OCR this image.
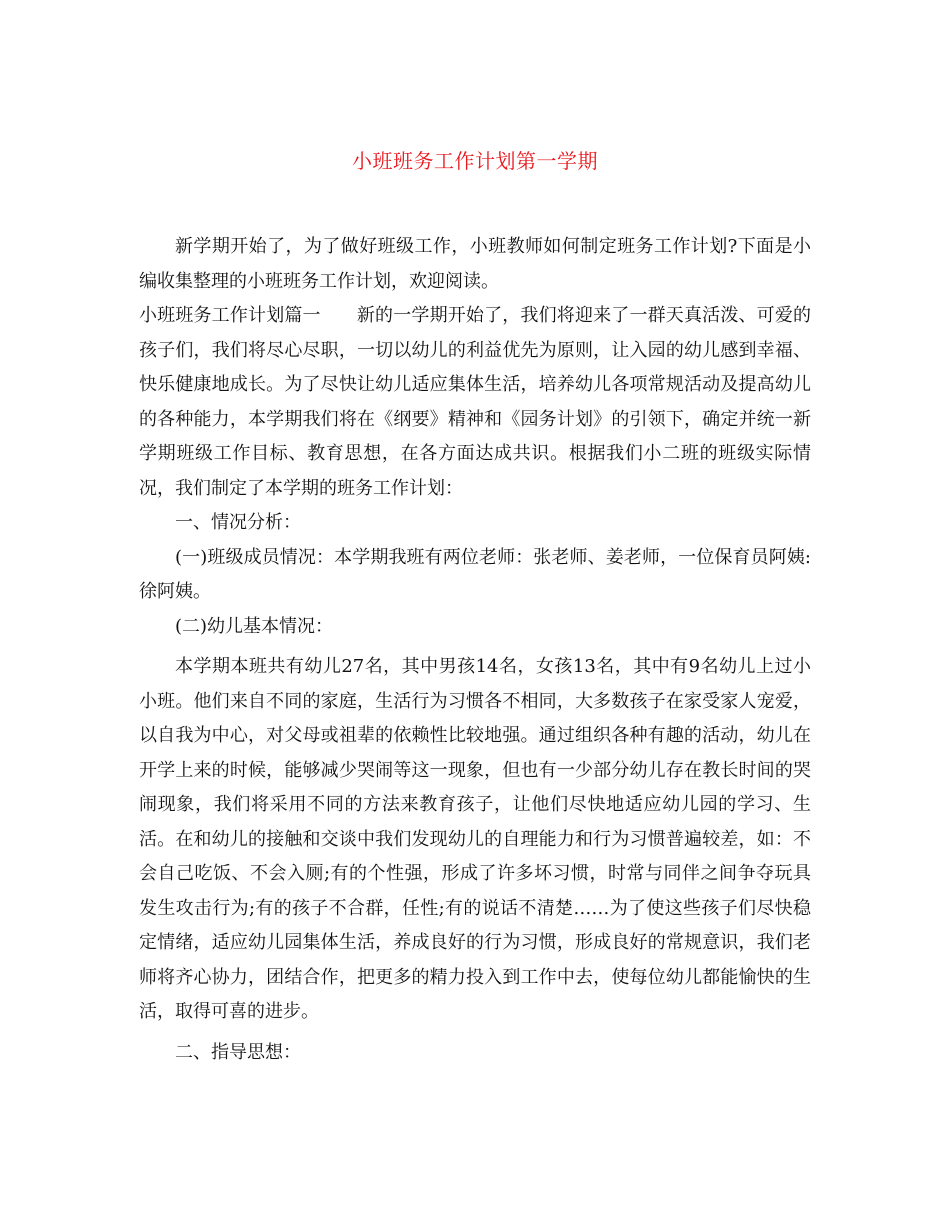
小班班务工作计划第一学期

新学期开始了，为了做好班级工作，小班教师如何制定班务工作计划?下面是小编收集整理的小班班务工作计划，欢迎阅读。

小班班务工作计划篇一 新的一学期开始了，我们将迎来了一群天真活泼、可爱的孩子们，我们将尽心尽职，一切以幼儿的利益优先为原则，让入园的幼儿感到幸福、快乐健康地成长。为了尽快让幼儿适应集体生活，培养幼儿各项常规活动及提高幼儿的各种能力，本学期我们将在《纲要》精神和《园务计划》的引领下，确定并统一新学期班级工作目标、教育思想，在各方面达成共识。根据我们小二班的班级实际情况，我们制定了本学期的班务工作计划：

一、情况分析：

(一)班级成员情况：本学期我班有两位老师：张老师、姜老师，一位保育员阿姨:徐阿姨。

(二)幼儿基本情况：

本学期本班共有幼儿27名，其中男孩14名，女孩13名，其中有9名幼儿上过小小班。他们来自不同的家庭，生活行为习惯各不相同，大多数孩子在家受家人宠爱，以自我为中心，对父母或祖辈的依赖性比较地强。通过组织各种有趣的活动，幼儿在开学上来的时候，能够减少哭闹等这一现象，但也有一少部分幼儿存在教长时间的哭闹现象，我们将采用不同的方法来教育孩子，让他们尽快地适应幼儿园的学习、生活。在和幼儿的接触和交谈中我们发现幼儿的自理能力和行为习惯普遍较差，如：不会自己吃饭、不会入厕;有的个性强，形成了许多坏习惯，时常与同伴之间争夺玩具发生攻击行为;有的孩子不合群，任性;有的说话不清楚……为了使这些孩子们尽快稳定情绪，适应幼儿园集体生活，养成良好的行为习惯，形成良好的常规意识，我们老师将齐心协力，团结合作，把更多的精力投入到工作中去，使每位幼儿都能愉快的生活，取得可喜的进步。

二、指导思想：
